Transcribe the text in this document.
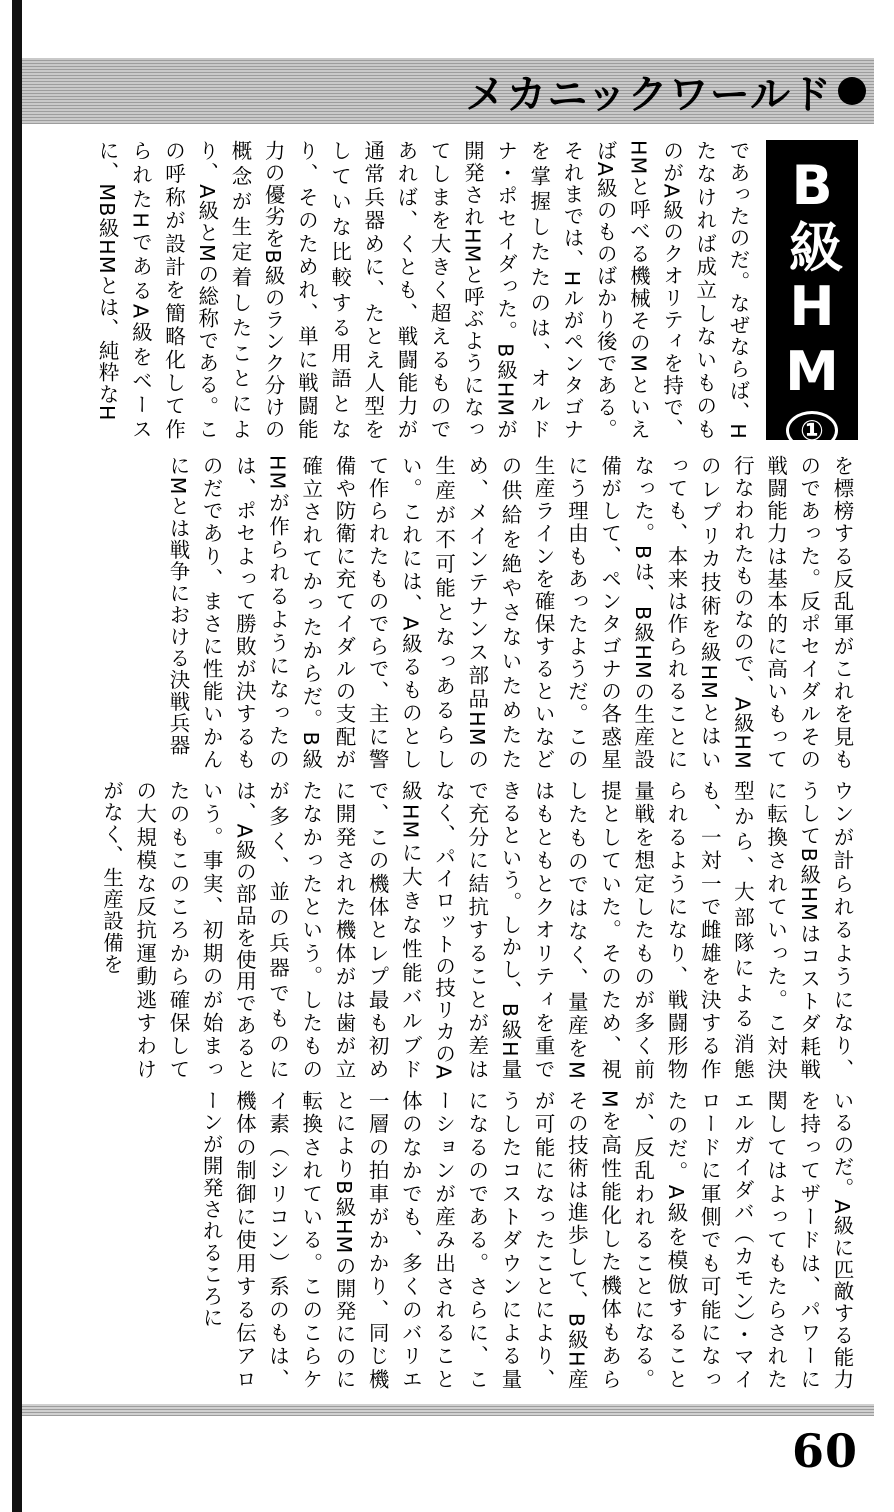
メカニックワールド
B級HM
①
であったのだ。なぜならば、Hたなければ成立しないものものがA級のクオリティを持で、HMと呼べる機械そのMといえばA級のものばかり後である。それまでは、Hルがペンタゴナを掌握したたのは、オルドナ・ポセイダった。B級HMが開発されHMと呼ぶようになってしまを大きく超えるものであれば、くとも、戦闘能力が通常兵器めに、たとえ人型をしていな比較する用語となり、そのためれ、単に戦闘能力の優劣をB級のランク分けの概念が生定着したことにより、A級とMの総称である。この呼称が設計を簡略化して作られたHであるA級をベースに、MB級HMとは、純粋なH
を標榜する反乱軍がこれを見ものであった。反ポセイダルその戦闘能力は基本的に高いもって行なわれたものなので、A級HMのレプリカ技術を級HMとはいっても、本来は作られることになった。Bは、B級HMの生産設備がして、ペンタゴナの各惑星にう理由もあったようだ。この生産ラインを確保するといなどの供給を絶やさないためたため、メインテナンス部品HMの生産が不可能となっあるらしい。これには、A級るものとして作られたものでらで、主に警備や防衛に充てイダルの支配が確立されてかったからだ。B級HMが作られるようになったのは、ポセよって勝敗が決するものだであり、まさに性能いかんにMとは戦争における決戦兵器
ウンが計られるようになり、うしてB級HMはコストダ耗戦に転換されていった。こ対決型から、大部隊による消態も、一対一で雌雄を決する作られるようになり、戦闘形物量戦を想定したものが多く前提としていた。そのため、視したものではなく、量産をMはもともとクオリティを重できるという。しかし、B級H量で充分に結抗することが差はなく、パイロットの技リカのA級HMに大きな性能バルブドで、この機体とレプ最も初めに開発された機体がは歯が立たなかったという。したものが多く、並の兵器でものには、A級の部品を使用であるという。事実、初期のが始まったのもこのころから確保しての大規模な反抗運動逃すわけがなく、生産設備を
いるのだ。A級に匹敵する能力を持ってザードは、パワーに関してはよってもたらされたエルガイダバ（カモン）・マイロードに軍側でも可能になったのだ。A級を模倣することが、反乱われることになる。Mを高性能化した機体もあらその技術は進歩して、B級H産が可能になったことにより、うしたコストダウンによる量になるのである。さらに、こーションが産み出されること体のなかでも、多くのバリエ一層の拍車がかかり、同じ機とによりB級HMの開発にのに転換されている。このこらケイ素（シリコン）系のもは、機体の制御に使用する伝アローンが開発されるころに
60
